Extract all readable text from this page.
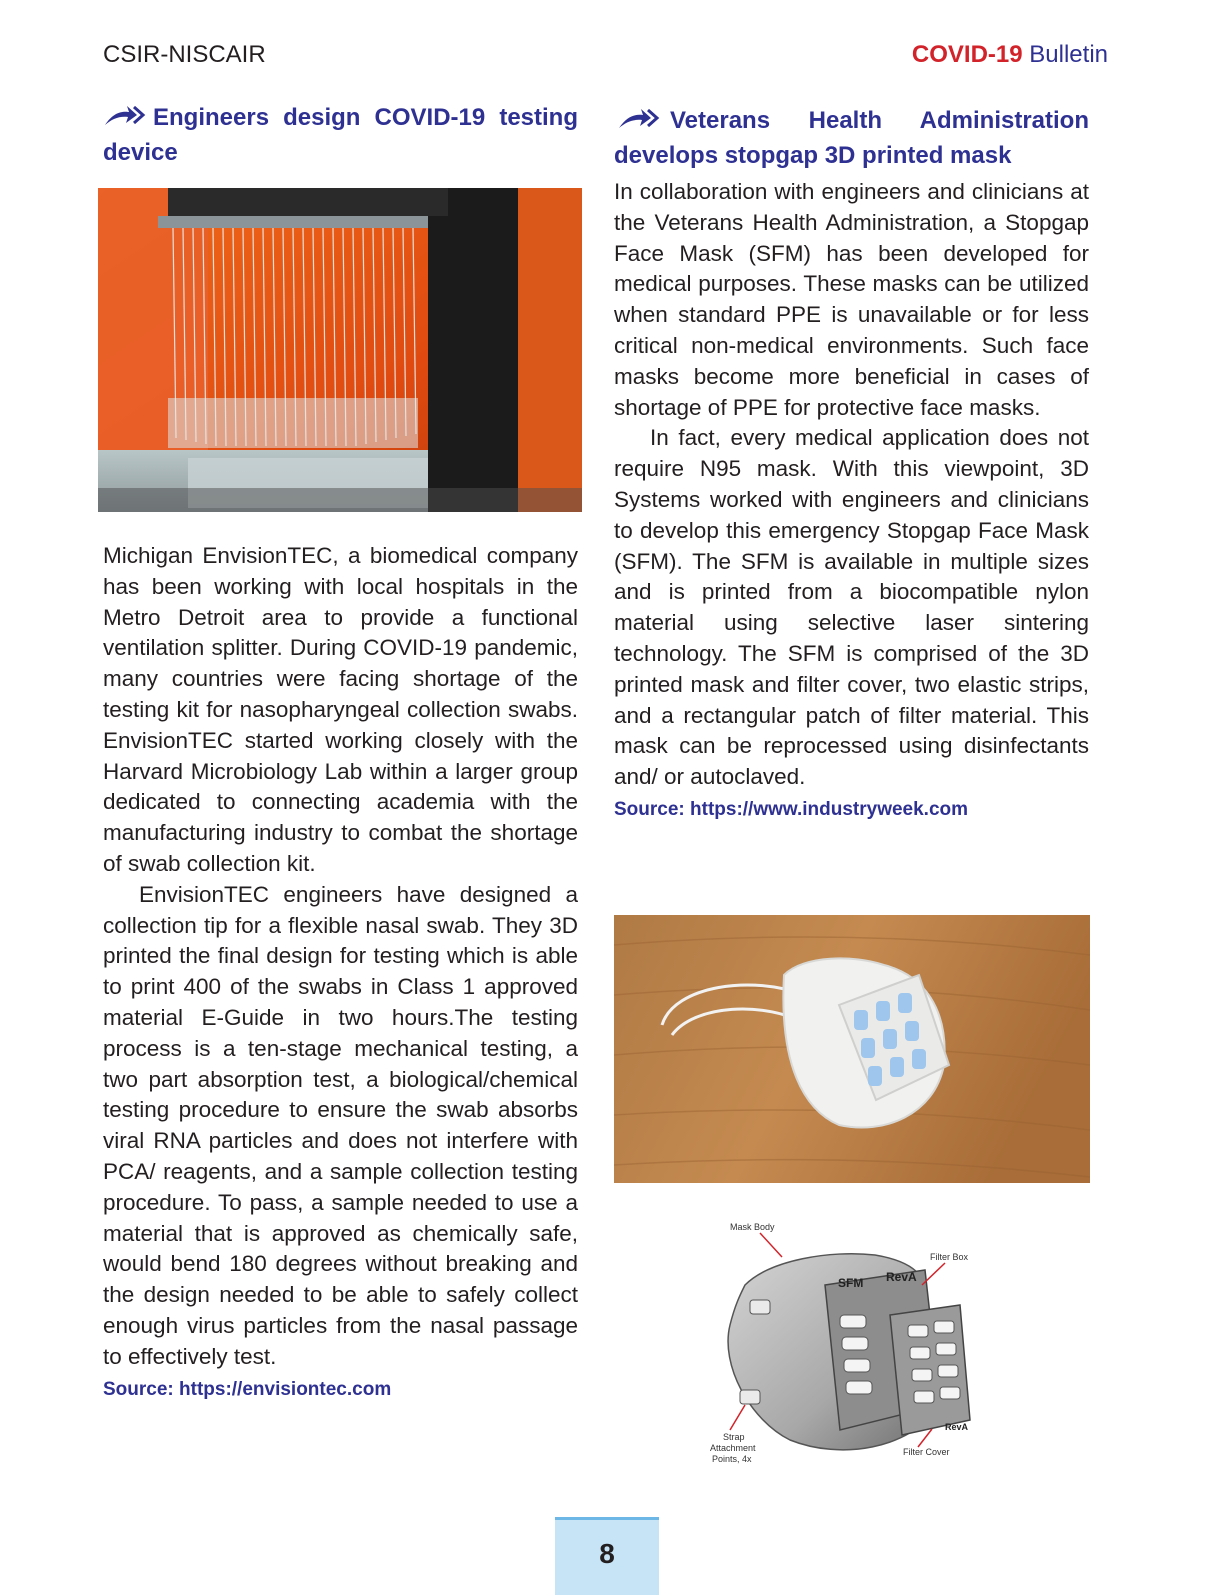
CSIR-NISCAIR	COVID-19 Bulletin

Engineers design COVID-19 testing device

Michigan EnvisionTEC, a biomedical company has been working with local hospitals in the Metro Detroit area to provide a functional ventilation splitter. During COVID-19 pandemic, many countries were facing shortage of the testing kit for nasopharyngeal collection swabs. EnvisionTEC started working closely with the Harvard Microbiology Lab within a larger group dedicated to connecting academia with the manufacturing industry to combat the shortage of swab collection kit.

EnvisionTEC engineers have designed a collection tip for a flexible nasal swab. They 3D printed the final design for testing which is able to print 400 of the swabs in Class 1 approved material E-Guide in two hours.The testing process is a ten-stage mechanical testing, a two part absorption test, a biological/chemical testing procedure to ensure the swab absorbs viral RNA particles and does not interfere with PCA/ reagents, and a sample collection testing procedure. To pass, a sample needed to use a material that is approved as chemically safe, would bend 180 degrees without breaking and the design needed to be able to safely collect enough virus particles from the nasal passage to effectively test.

Source: https://envisiontec.com

Veterans Health Administration develops stopgap 3D printed mask

In collaboration with engineers and clinicians at the Veterans Health Administration, a Stopgap Face Mask (SFM) has been developed for medical purposes. These masks can be utilized when standard PPE is unavailable or for less critical non-medical environments. Such face masks become more beneficial in cases of shortage of PPE for protective face masks.

In fact, every medical application does not require N95 mask. With this viewpoint, 3D Systems worked with engineers and clinicians to develop this emergency Stopgap Face Mask (SFM). The SFM is available in multiple sizes and is printed from a biocompatible nylon material using selective laser sintering technology. The SFM is comprised of the 3D printed mask and filter cover, two elastic strips, and a rectangular patch of filter material. This mask can be reprocessed using disinfectants and/ or autoclaved.

Source: https://www.industryweek.com
Mask Body
Filter Box
Strap
Attachment
Points, 4x
Filter Cover
SFM RevA
RevA
8
